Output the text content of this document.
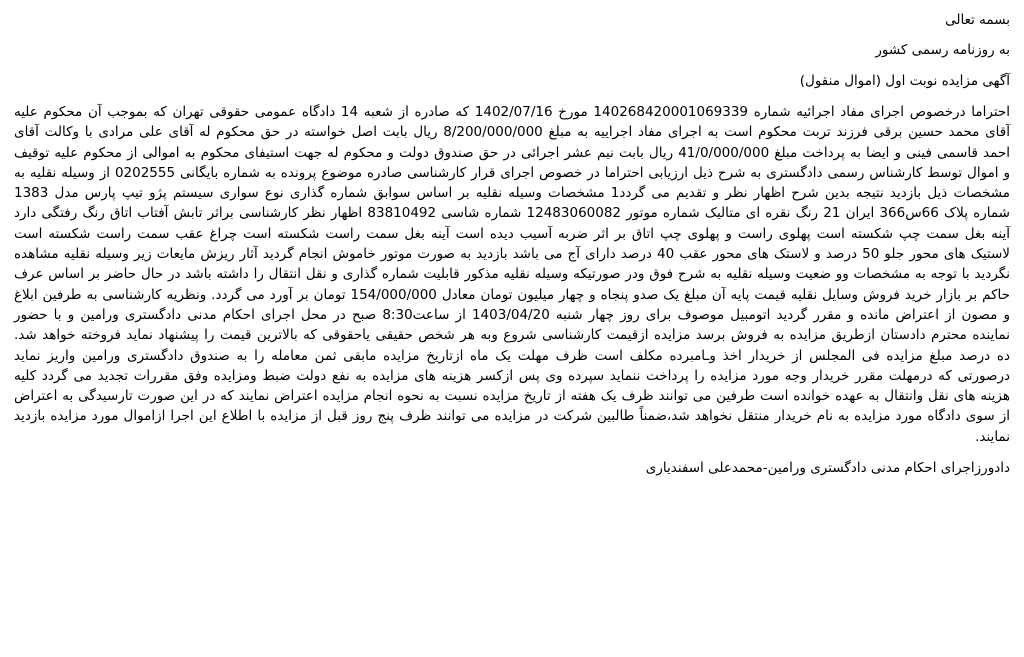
بسمه تعالی
به روزنامه رسمی کشور
آگهی مزایده نوبت اول (اموال منقول)
احتراما درخصوص اجرای مفاد اجرائیه شماره 140268420001069339 مورخ 1402/07/16 که صادره از شعبه 14 دادگاه عمومی حقوقی تهران که بموجب آن محکوم علیه آقای محمد حسین برقی فرزند تربت محکوم است به اجرای مفاد اجراییه به مبلغ 8/200/000/000 ریال بابت اصل خواسته در حق محکوم له آقای علی مرادی با وکالت آقای احمد قاسمی فینی و ایضا به پرداخت مبلغ 41/0/000/000 ریال بابت نیم عشر اجرائی در حق صندوق دولت و محکوم له جهت استیفای محکوم به اموالی از محکوم علیه توقیف و اموال توسط کارشناس رسمی دادگستری به شرح ذیل ارزیابی احتراما در خصوص اجرای قرار کارشناسی صادره موضوع پرونده به شماره بایگانی 0202555 از وسیله نقلیه به مشخصات ذیل بازدید نتیجه بدین شرح اظهار نظر و تقدیم می گردد1 مشخصات وسیله نقلیه بر اساس سوابق شماره گذاری نوع سواری سیستم پژو تیپ پارس مدل 1383 شماره پلاک 66س366 ایران 21 رنگ نقره ای متالیک شماره موتور 12483060082 شماره شاسی 83810492 اظهار نظر کارشناسی براثر تابش آفتاب اتاق رنگ رفتگی دارد آینه بغل سمت چپ شکسته است پهلوی راست و پهلوی چپ اتاق بر اثر ضربه آسیب دیده است آینه بغل سمت راست شکسته است چراغ عقب سمت راست شکسته است لاستیک های محور جلو 50 درصد و لاستک های محور عقب 40 درصد دارای آج می باشد بازدید به صورت موتور خاموش انجام گردید آثار ریزش مایعات زیر وسیله نقلیه مشاهده نگردید با توجه به مشخصات وو ضعیت وسیله نقلیه به شرح فوق ودر صورتیکه وسیله نقلیه مذکور قابلیت شماره گذاری و نقل انتقال را داشته باشد در حال حاضر بر اساس عرف حاکم بر بازار خرید فروش وسایل نقلیه قیمت پایه آن مبلغ یک صدو پنجاه و چهار میلیون تومان معادل 154/000/000 تومان بر آورد می گردد. ونظریه کارشناسی به طرفین ابلاغ و مصون از اعتراض مانده و مقرر گردید اتومبیل موصوف برای روز چهار شنبه 1403/04/20 از ساعت8:30 صبح در محل اجرای احکام مدنی دادگستری ورامین و با حضور نماینده محترم دادستان ازطریق مزایده به فروش برسد مزایده ازقیمت کارشناسی شروع وبه هر شخص حقیقی یاحقوقی که بالاترین قیمت را پیشنهاد نماید فروخته خواهد شد. ده درصد مبلغ مزایده فی المجلس از خریدار اخذ وـامبرده مکلف است ظرف مهلت یک ماه ازتاریخ مزایده مابقی ثمن معامله را به صندوق دادگستری ورامین واریز نماید درصورتی که درمهلت مقرر خریدار وجه مورد مزایده را پرداخت ننماید سپرده وی پس ازکسر هزینه های مزایده به نفع دولت ضبط ومزایده وفق مقررات تجدید می گردد کلیه هزینه های نقل وانتقال به عهده خوانده است طرفین می توانند ظرف یک هفته از تاریخ مزایده نسبت به نحوه انجام مزایده اعتراض نمایند که در این صورت تارسیدگی به اعتراض از سوی دادگاه مورد مزایده به نام خریدار منتقل نخواهد شد،ضمناً طالبین شرکت در مزایده می توانند ظرف پنج روز قبل از مزایده با اطلاع این اجرا ازاموال مورد مزایده بازدید نمایند.
دادورزاجرای احکام مدنی دادگستری ورامین-محمدعلی اسفندیاری
